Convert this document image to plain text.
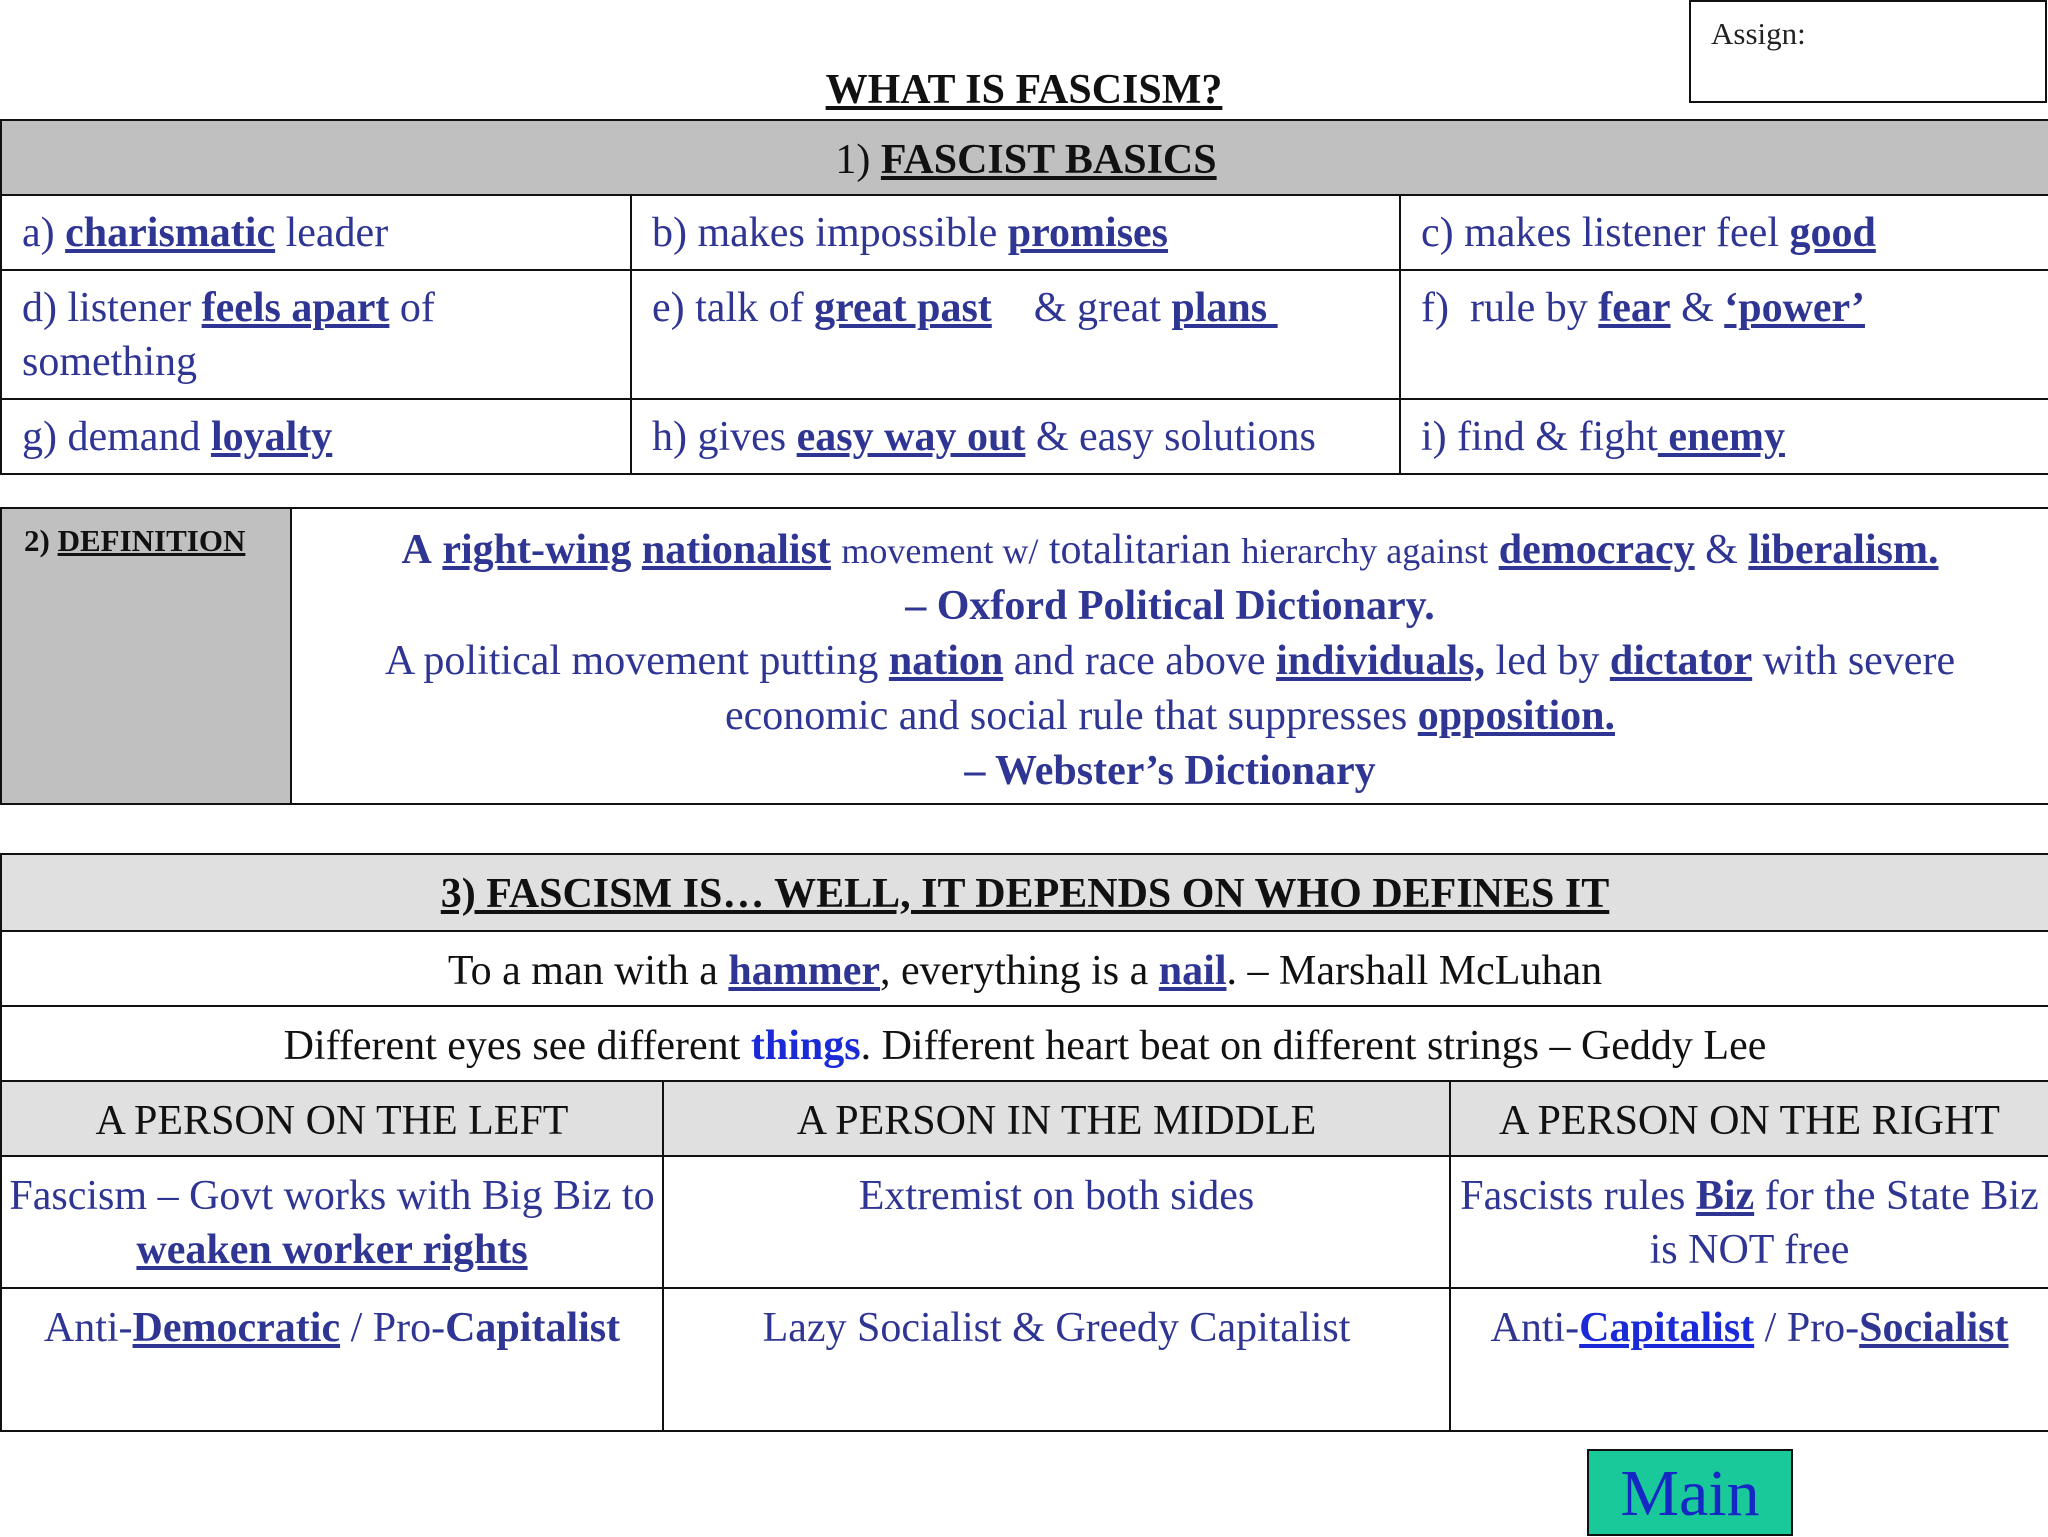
Assign:
WHAT IS FASCISM?
1) FASCIST BASICS		
a) charismatic leader	b) makes impossible promises	c) makes listener feel good
d) listener feels apart of something	e) talk of great past    & great plans	f)  rule by fear & ‘power’
g) demand loyalty	h) gives easy way out & easy solutions	i) find & fight enemy
2) DEFINITION	A right-wing nationalist movement w/ totalitarian hierarchy against democracy & liberalism.
– Oxford Political Dictionary.
A political movement putting nation and race above individuals, led by dictator with severe economic and social rule that suppresses opposition.
– Webster’s Dictionary
3) FASCISM IS… WELL, IT DEPENDS ON WHO DEFINES IT		
To a man with a hammer, everything is a nail. – Marshall McLuhan		
Different eyes see different things. Different heart beat on different strings – Geddy Lee		
A PERSON ON THE LEFT	A PERSON IN THE MIDDLE	A PERSON ON THE RIGHT
Fascism – Govt works with Big Biz to weaken worker rights	Extremist on both sides	Fascists rules Biz for the State Biz is NOT free
Anti-Democratic / Pro-Capitalist	Lazy Socialist & Greedy Capitalist	Anti-Capitalist / Pro-Socialist
Main
